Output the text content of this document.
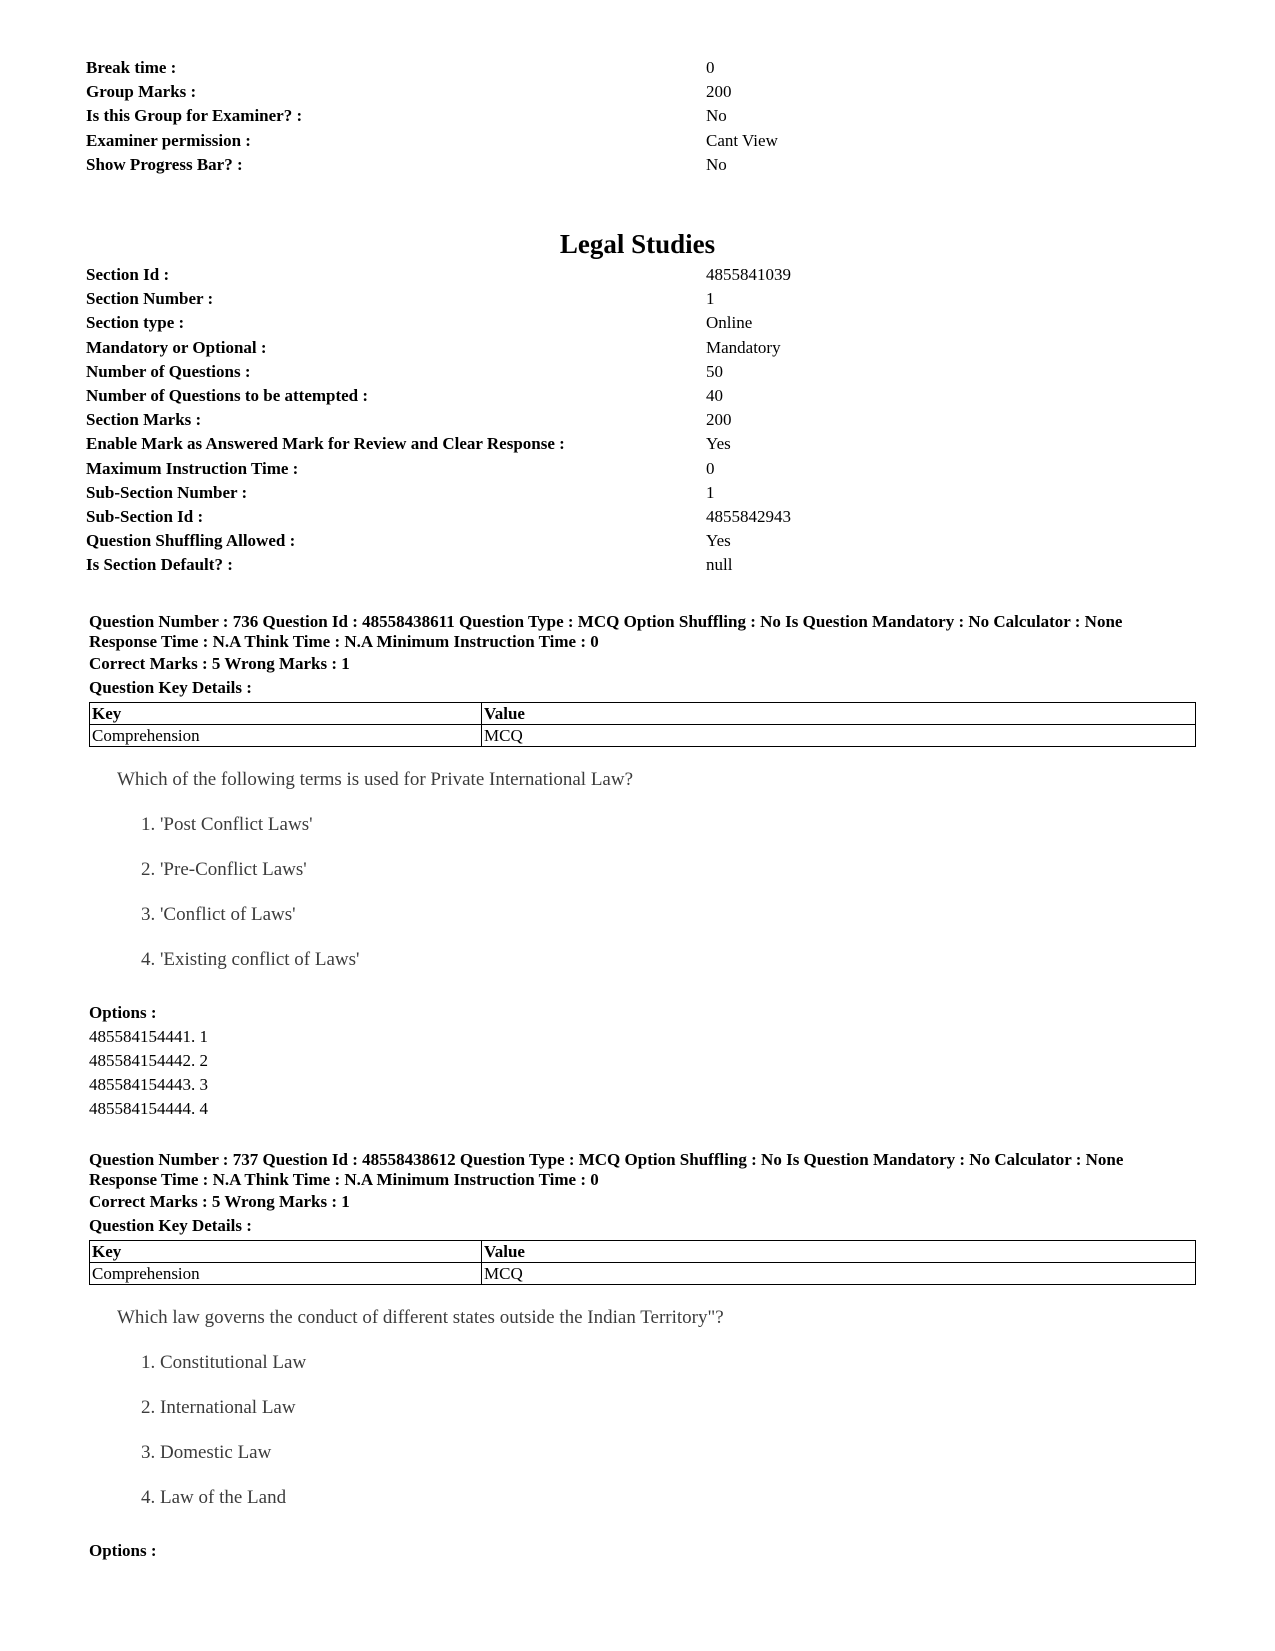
Break time :	0
Group Marks :	200
Is this Group for Examiner? :	No
Examiner permission :	Cant View
Show Progress Bar? :	No
Legal Studies
Section Id :	4855841039
Section Number :	1
Section type :	Online
Mandatory or Optional :	Mandatory
Number of Questions :	50
Number of Questions to be attempted :	40
Section Marks :	200
Enable Mark as Answered Mark for Review and Clear Response :	Yes
Maximum Instruction Time :	0
Sub-Section Number :	1
Sub-Section Id :	4855842943
Question Shuffling Allowed :	Yes
Is Section Default? :	null
Question Number : 736 Question Id : 48558438611 Question Type : MCQ Option Shuffling : No Is Question Mandatory : No Calculator : None
Response Time : N.A Think Time : N.A Minimum Instruction Time : 0
Correct Marks : 5 Wrong Marks : 1
Question Key Details :
Key	Value
Comprehension	MCQ
Which of the following terms is used for Private International Law?
1. 'Post Conflict Laws'
2. 'Pre-Conflict Laws'
3. 'Conflict of Laws'
4. 'Existing conflict of Laws'
Options :
485584154441. 1
485584154442. 2
485584154443. 3
485584154444. 4
Question Number : 737 Question Id : 48558438612 Question Type : MCQ Option Shuffling : No Is Question Mandatory : No Calculator : None
Response Time : N.A Think Time : N.A Minimum Instruction Time : 0
Correct Marks : 5 Wrong Marks : 1
Question Key Details :
Key	Value
Comprehension	MCQ
Which law governs the conduct of different states outside the Indian Territory"?
1. Constitutional Law
2. International Law
3. Domestic Law
4. Law of the Land
Options :
